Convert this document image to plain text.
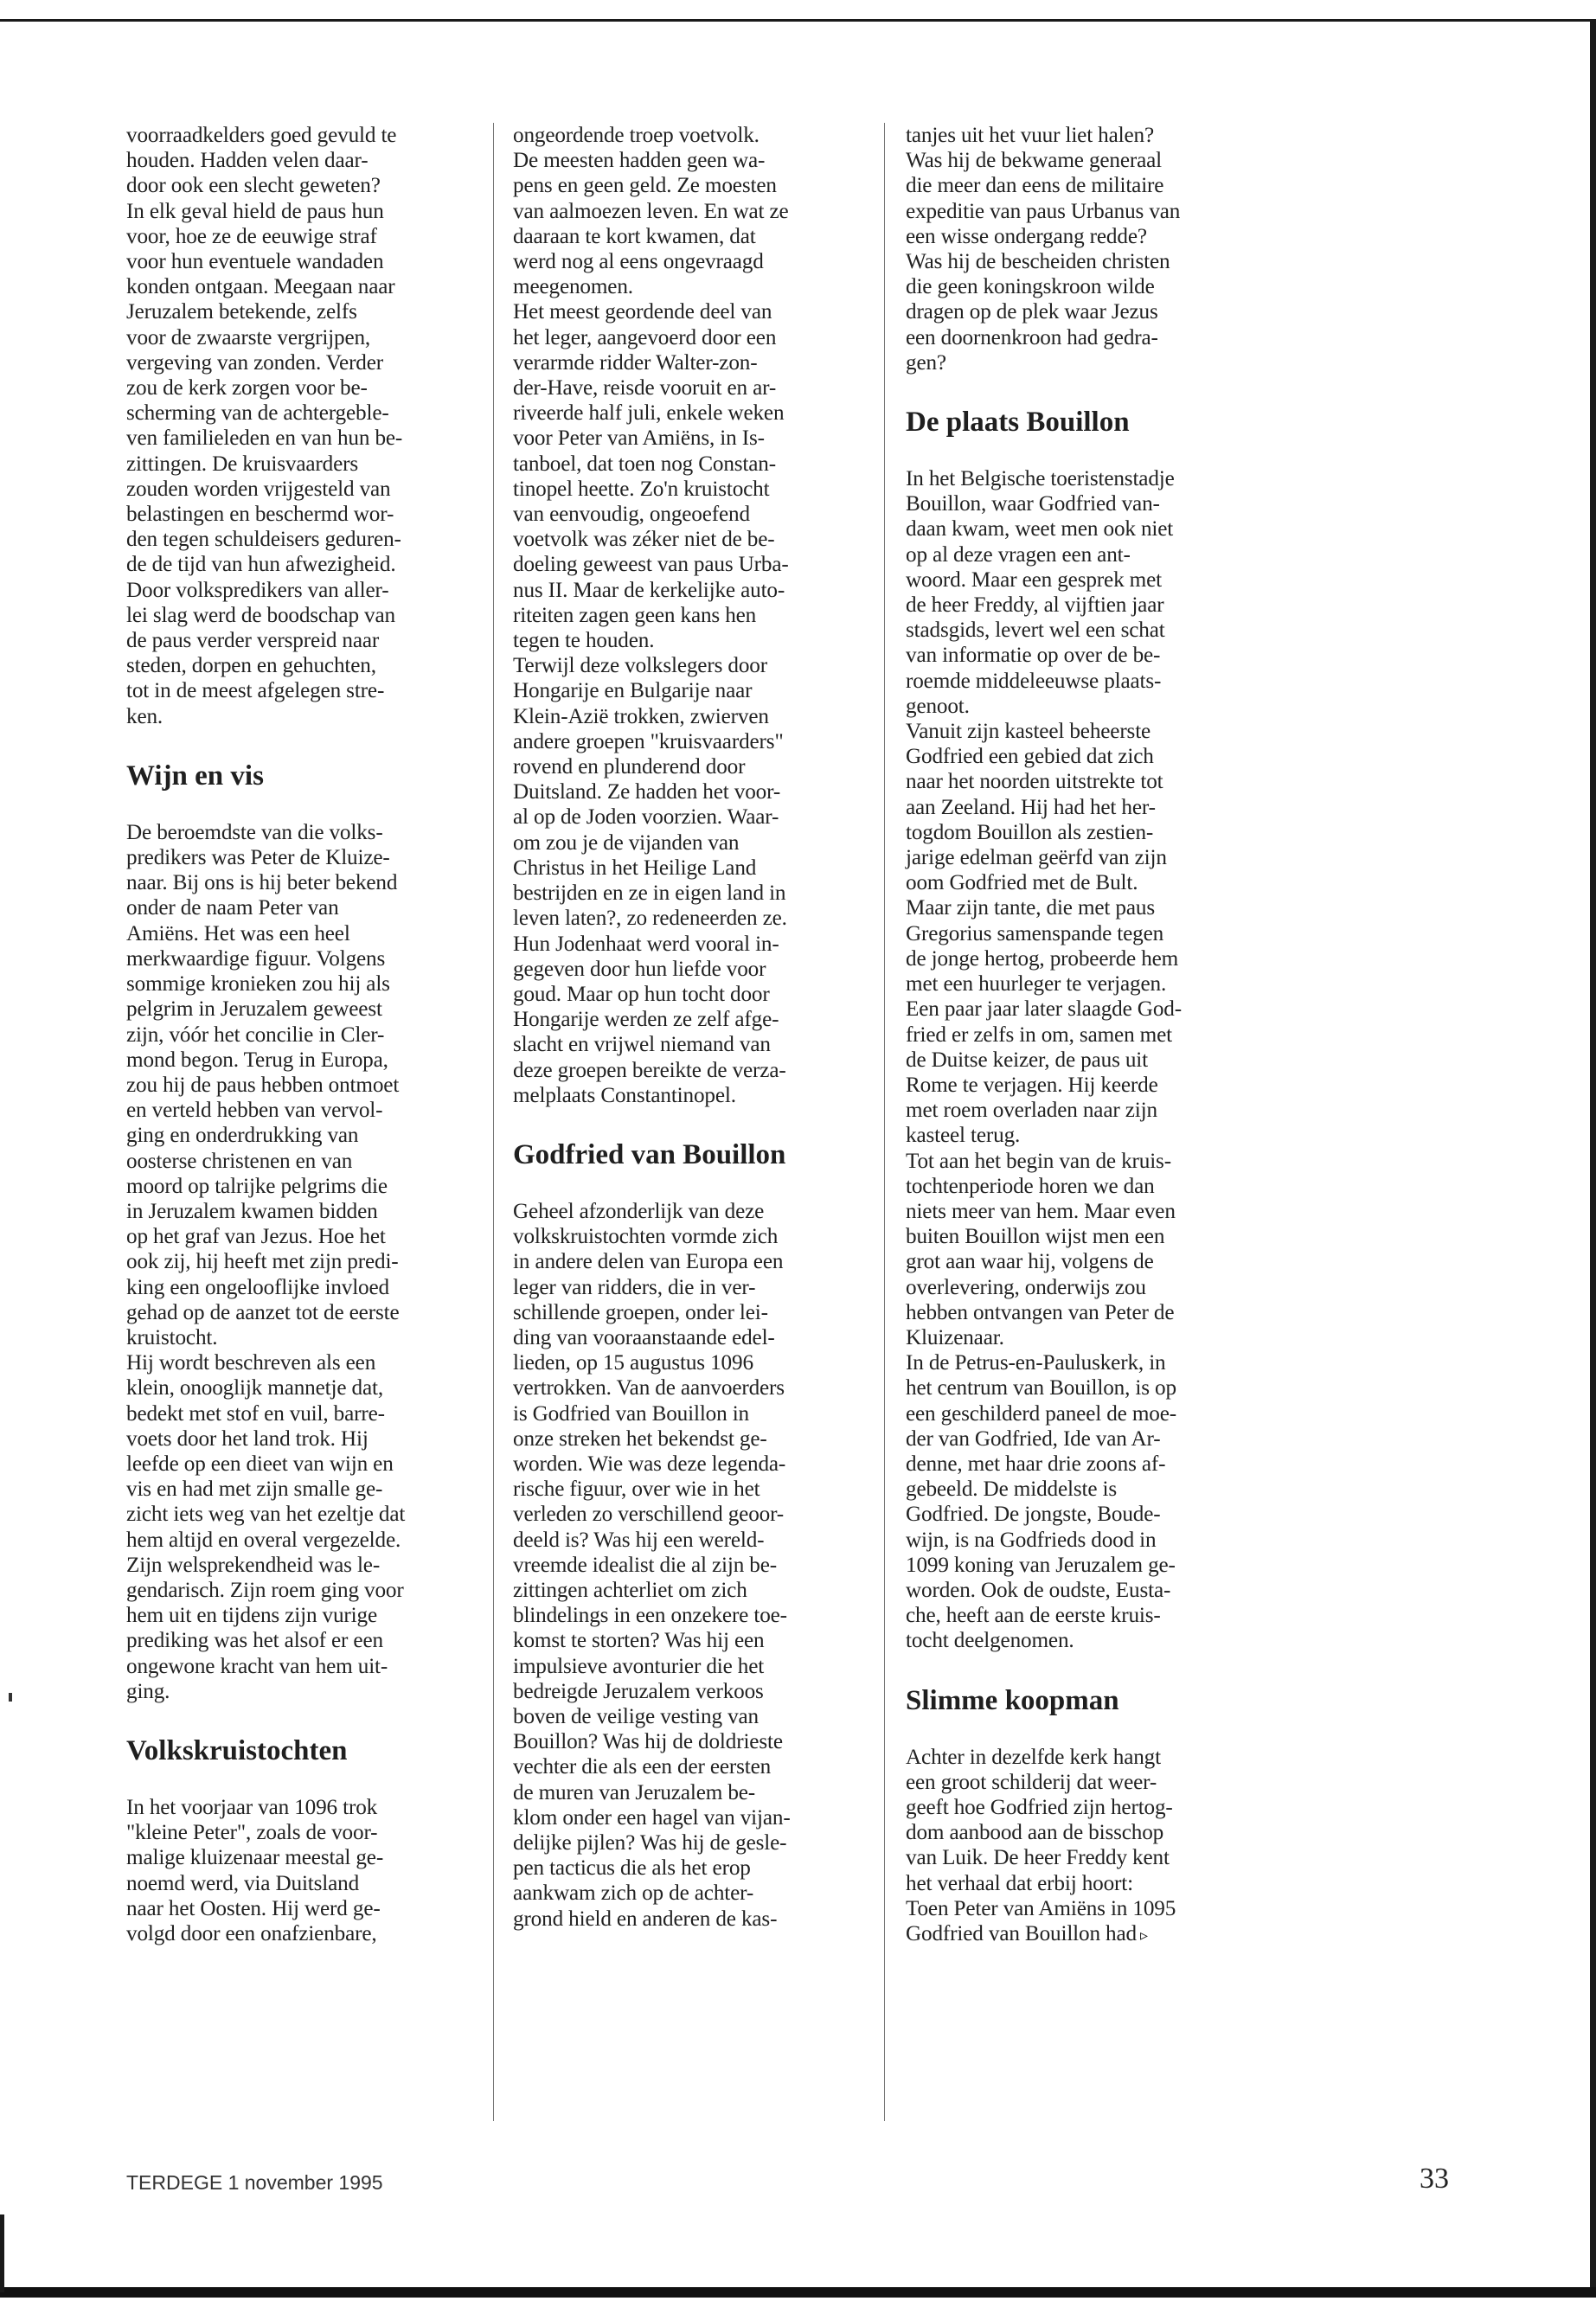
voorraadkelders goed gevuld te
houden. Hadden velen daar-
door ook een slecht geweten?
In elk geval hield de paus hun
voor, hoe ze de eeuwige straf
voor hun eventuele wandaden
konden ontgaan. Meegaan naar
Jeruzalem betekende, zelfs
voor de zwaarste vergrijpen,
vergeving van zonden. Verder
zou de kerk zorgen voor be-
scherming van de achtergeble-
ven familieleden en van hun be-
zittingen. De kruisvaarders
zouden worden vrijgesteld van
belastingen en beschermd wor-
den tegen schuldeisers geduren-
de de tijd van hun afwezigheid.
Door volkspredikers van aller-
lei slag werd de boodschap van
de paus verder verspreid naar
steden, dorpen en gehuchten,
tot in de meest afgelegen stre-
ken.

Wijn en vis

De beroemdste van die volks-
predikers was Peter de Kluize-
naar. Bij ons is hij beter bekend
onder de naam Peter van
Amiëns. Het was een heel
merkwaardige figuur. Volgens
sommige kronieken zou hij als
pelgrim in Jeruzalem geweest
zijn, vóór het concilie in Cler-
mond begon. Terug in Europa,
zou hij de paus hebben ontmoet
en verteld hebben van vervol-
ging en onderdrukking van
oosterse christenen en van
moord op talrijke pelgrims die
in Jeruzalem kwamen bidden
op het graf van Jezus. Hoe het
ook zij, hij heeft met zijn predi-
king een ongelooflijke invloed
gehad op de aanzet tot de eerste
kruistocht.
Hij wordt beschreven als een
klein, onooglijk mannetje dat,
bedekt met stof en vuil, barre-
voets door het land trok. Hij
leefde op een dieet van wijn en
vis en had met zijn smalle ge-
zicht iets weg van het ezeltje dat
hem altijd en overal vergezelde.
Zijn welsprekendheid was le-
gendarisch. Zijn roem ging voor
hem uit en tijdens zijn vurige
prediking was het alsof er een
ongewone kracht van hem uit-
ging.

Volkskruistochten

In het voorjaar van 1096 trok
"kleine Peter", zoals de voor-
malige kluizenaar meestal ge-
noemd werd, via Duitsland
naar het Oosten. Hij werd ge-
volgd door een onafzienbare,

ongeordende troep voetvolk.
De meesten hadden geen wa-
pens en geen geld. Ze moesten
van aalmoezen leven. En wat ze
daaraan te kort kwamen, dat
werd nog al eens ongevraagd
meegenomen.
Het meest geordende deel van
het leger, aangevoerd door een
verarmde ridder Walter-zon-
der-Have, reisde vooruit en ar-
riveerde half juli, enkele weken
voor Peter van Amiëns, in Is-
tanboel, dat toen nog Constan-
tinopel heette. Zo'n kruistocht
van eenvoudig, ongeoefend
voetvolk was zéker niet de be-
doeling geweest van paus Urba-
nus II. Maar de kerkelijke auto-
riteiten zagen geen kans hen
tegen te houden.
Terwijl deze volkslegers door
Hongarije en Bulgarije naar
Klein-Azië trokken, zwierven
andere groepen "kruisvaarders"
rovend en plunderend door
Duitsland. Ze hadden het voor-
al op de Joden voorzien. Waar-
om zou je de vijanden van
Christus in het Heilige Land
bestrijden en ze in eigen land in
leven laten?, zo redeneerden ze.
Hun Jodenhaat werd vooral in-
gegeven door hun liefde voor
goud. Maar op hun tocht door
Hongarije werden ze zelf afge-
slacht en vrijwel niemand van
deze groepen bereikte de verza-
melplaats Constantinopel.

Godfried van Bouillon

Geheel afzonderlijk van deze
volkskruistochten vormde zich
in andere delen van Europa een
leger van ridders, die in ver-
schillende groepen, onder lei-
ding van vooraanstaande edel-
lieden, op 15 augustus 1096
vertrokken. Van de aanvoerders
is Godfried van Bouillon in
onze streken het bekendst ge-
worden. Wie was deze legenda-
rische figuur, over wie in het
verleden zo verschillend geoor-
deeld is? Was hij een wereld-
vreemde idealist die al zijn be-
zittingen achterliet om zich
blindelings in een onzekere toe-
komst te storten? Was hij een
impulsieve avonturier die het
bedreigde Jeruzalem verkoos
boven de veilige vesting van
Bouillon? Was hij de doldrieste
vechter die als een der eersten
de muren van Jeruzalem be-
klom onder een hagel van vijan-
delijke pijlen? Was hij de gesle-
pen tacticus die als het erop
aankwam zich op de achter-
grond hield en anderen de kas-

tanjes uit het vuur liet halen?
Was hij de bekwame generaal
die meer dan eens de militaire
expeditie van paus Urbanus van
een wisse ondergang redde?
Was hij de bescheiden christen
die geen koningskroon wilde
dragen op de plek waar Jezus
een doornenkroon had gedra-
gen?

De plaats Bouillon

In het Belgische toeristenstadje
Bouillon, waar Godfried van-
daan kwam, weet men ook niet
op al deze vragen een ant-
woord. Maar een gesprek met
de heer Freddy, al vijftien jaar
stadsgids, levert wel een schat
van informatie op over de be-
roemde middeleeuwse plaats-
genoot.
Vanuit zijn kasteel beheerste
Godfried een gebied dat zich
naar het noorden uitstrekte tot
aan Zeeland. Hij had het her-
togdom Bouillon als zestien-
jarige edelman geërfd van zijn
oom Godfried met de Bult.
Maar zijn tante, die met paus
Gregorius samenspande tegen
de jonge hertog, probeerde hem
met een huurleger te verjagen.
Een paar jaar later slaagde God-
fried er zelfs in om, samen met
de Duitse keizer, de paus uit
Rome te verjagen. Hij keerde
met roem overladen naar zijn
kasteel terug.
Tot aan het begin van de kruis-
tochtenperiode horen we dan
niets meer van hem. Maar even
buiten Bouillon wijst men een
grot aan waar hij, volgens de
overlevering, onderwijs zou
hebben ontvangen van Peter de
Kluizenaar.
In de Petrus-en-Pauluskerk, in
het centrum van Bouillon, is op
een geschilderd paneel de moe-
der van Godfried, Ide van Ar-
denne, met haar drie zoons af-
gebeeld. De middelste is
Godfried. De jongste, Boude-
wijn, is na Godfrieds dood in
1099 koning van Jeruzalem ge-
worden. Ook de oudste, Eusta-
che, heeft aan de eerste kruis-
tocht deelgenomen.

Slimme koopman

Achter in dezelfde kerk hangt
een groot schilderij dat weer-
geeft hoe Godfried zijn hertog-
dom aanbood aan de bisschop
van Luik. De heer Freddy kent
het verhaal dat erbij hoort:
Toen Peter van Amiëns in 1095
Godfried van Bouillon had ▹

TERDEGE 1 november 1995	33
